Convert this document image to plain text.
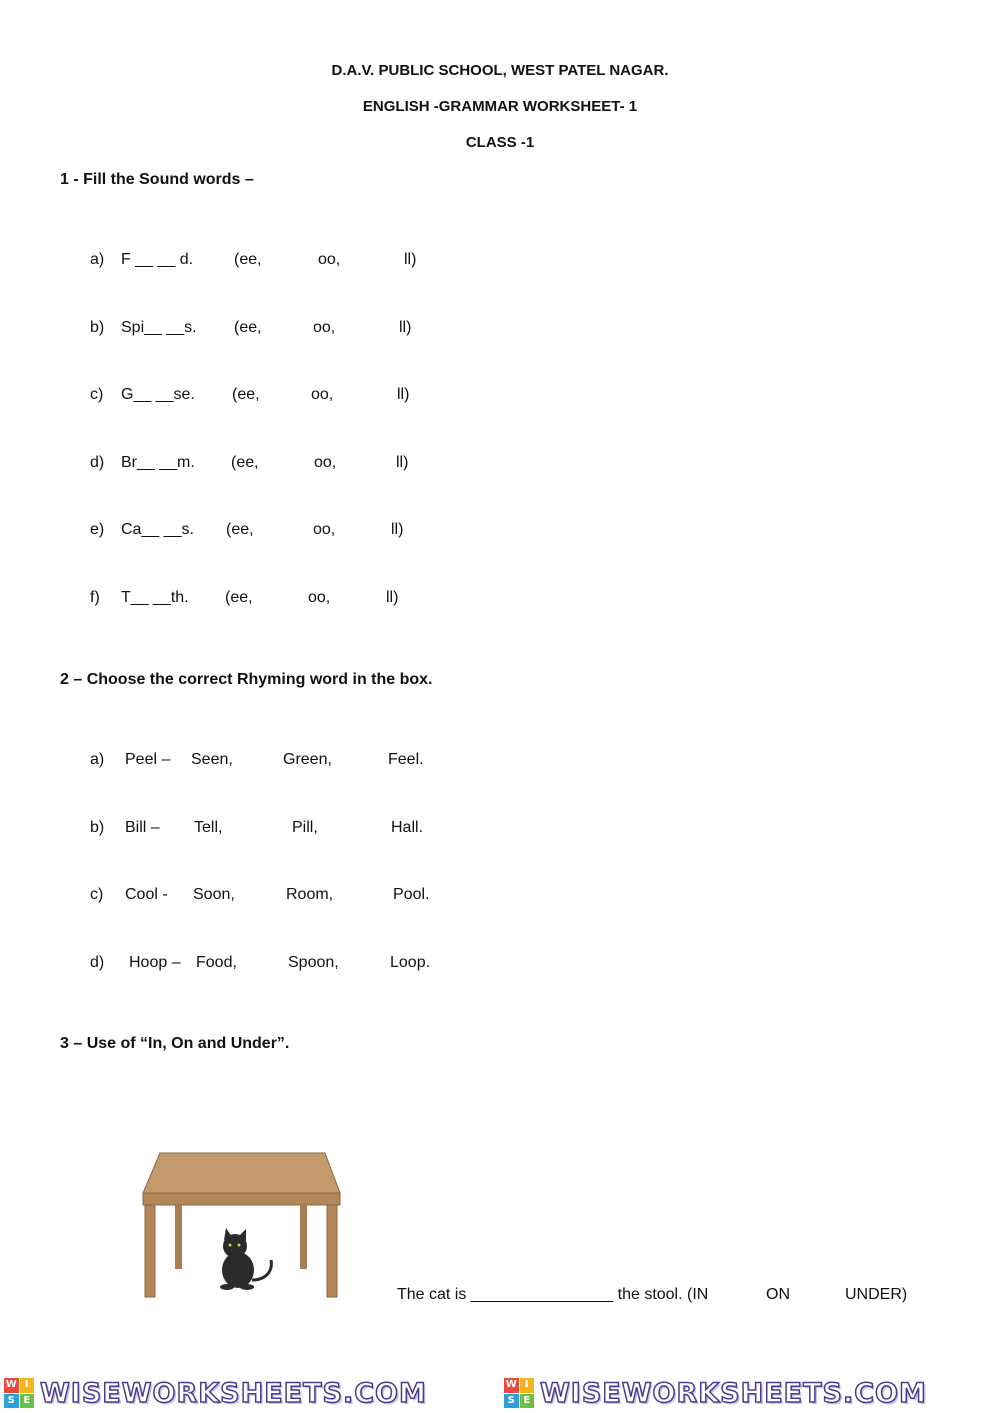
D.A.V. PUBLIC SCHOOL, WEST PATEL NAGAR.
ENGLISH -GRAMMAR WORKSHEET- 1
CLASS -1
1 - Fill the Sound words –
a) F __ __ d.	(ee,	oo,	ll)
b) Spi__ __s. (ee,	oo,	ll)
c) G__ __se. (ee,	oo,	ll)
d) Br__ __m. (ee,	oo,	ll)
e) Ca__ __s. (ee,	oo,	ll)
f) T__ __th. (ee,	oo,	ll)
2 – Choose the correct Rhyming word in the box.
a) Peel – Seen,	Green,	Feel.
b) Bill – Tell,	Pill,	Hall.
c) Cool - Soon,	Room,	Pool.
d) Hoop – Food,	Spoon,	Loop.
3 – Use of “In, On and Under”.
The cat is ________________ the stool. (IN	ON	UNDER)
W I
S E WISEWORKSHEETS.COM	W I
S E WISEWORKSHEETS.COM
